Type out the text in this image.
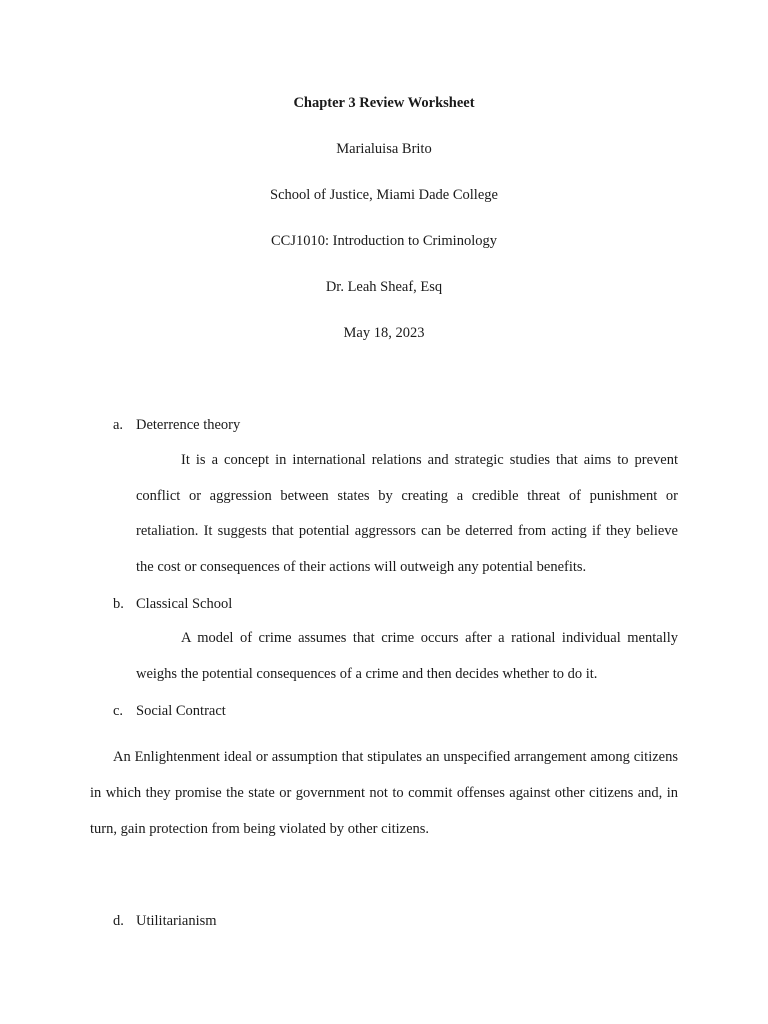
Chapter 3 Review Worksheet
Marialuisa Brito
School of Justice, Miami Dade College
CCJ1010: Introduction to Criminology
Dr. Leah Sheaf, Esq
May 18, 2023
a. Deterrence theory
It is a concept in international relations and strategic studies that aims to prevent conflict or aggression between states by creating a credible threat of punishment or retaliation. It suggests that potential aggressors can be deterred from acting if they believe the cost or consequences of their actions will outweigh any potential benefits.
b. Classical School
A model of crime assumes that crime occurs after a rational individual mentally weighs the potential consequences of a crime and then decides whether to do it.
c. Social Contract
An Enlightenment ideal or assumption that stipulates an unspecified arrangement among citizens in which they promise the state or government not to commit offenses against other citizens and, in turn, gain protection from being violated by other citizens.
d. Utilitarianism
